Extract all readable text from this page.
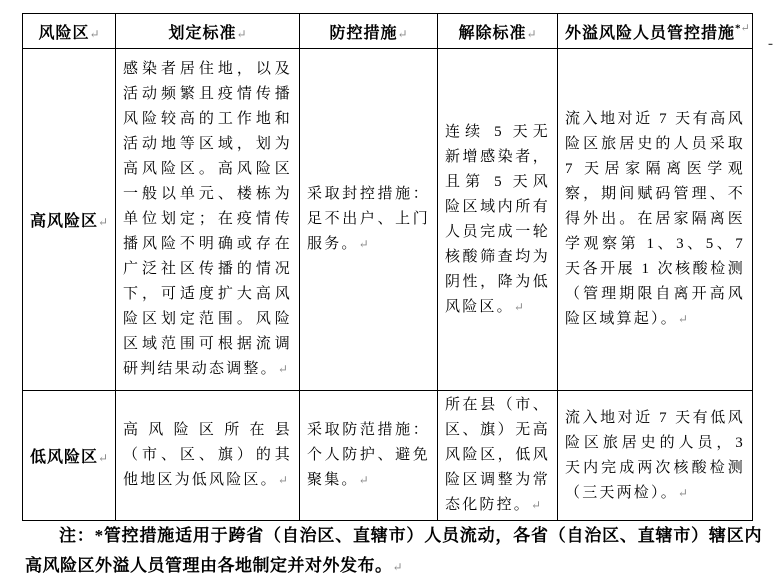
风险区↵	划定标准↵	防控措施↵	解除标准↵	外溢风险人员管控措施*↵
高风险区↵	感染者居住地，以及活动频繁且疫情传播风险较高的工作地和活动地等区域，划为高风险区。高风险区一般以单元、楼栋为单位划定；在疫情传播风险不明确或存在广泛社区传播的情况下，可适度扩大高风险区划定范围。风险区域范围可根据流调研判结果动态调整。↵	采取封控措施：足不出户、上门服务。↵	连续 5 天无新增感染者，且第 5 天风险区域内所有人员完成一轮核酸筛查均为阴性，降为低风险区。↵	流入地对近 7 天有高风险区旅居史的人员采取 7 天居家隔离医学观察，期间赋码管理、不得外出。在居家隔离医学观察第 1、3、5、7 天各开展 1 次核酸检测（管理期限自离开高风险区域算起）。↵
低风险区↵	高风险区所在县（市、区、旗）的其他地区为低风险区。↵	采取防范措施：个人防护、避免聚集。↵	所在县（市、区、旗）无高风险区，低风险区调整为常态化防控。↵	流入地对近 7 天有低风险区旅居史的人员，3 天内完成两次核酸检测（三天两检）。↵
-
注：*管控措施适用于跨省（自治区、直辖市）人员流动，各省（自治区、直辖市）辖区内高风险区外溢人员管理由各地制定并对外发布。↵
